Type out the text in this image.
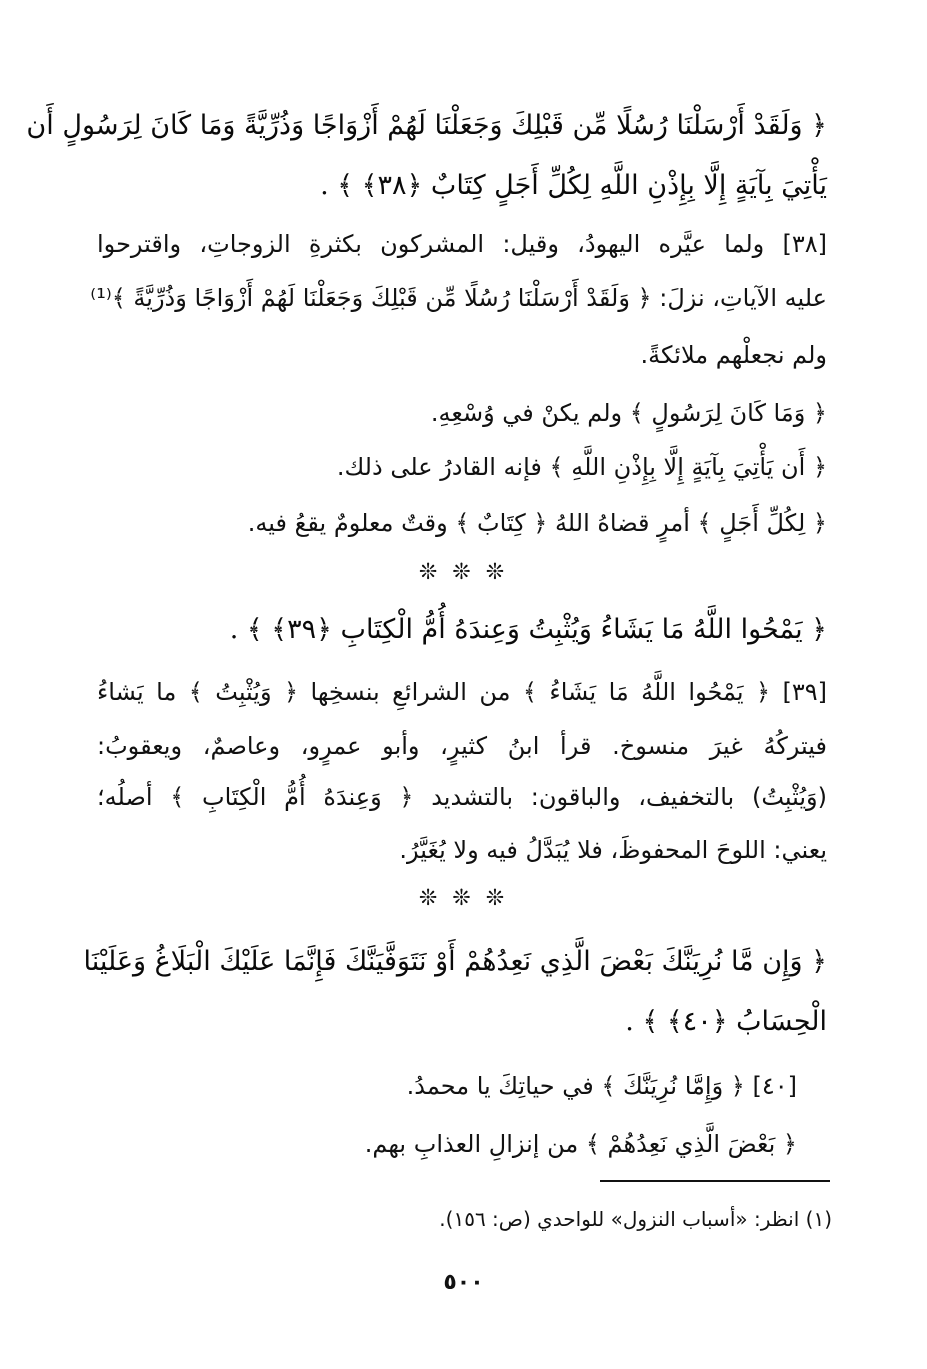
﴿ وَلَقَدْ أَرْسَلْنَا رُسُلًا مِّن قَبْلِكَ وَجَعَلْنَا لَهُمْ أَزْوَاجًا وَذُرِّيَّةً وَمَا كَانَ لِرَسُولٍ أَن
يَأْتِيَ بِآيَةٍ إِلَّا بِإِذْنِ اللَّهِ لِكُلِّ أَجَلٍ كِتَابٌ ﴿٣٨﴾ ﴾ .
[٣٨] ولما عيَّره اليهودُ، وقيل: المشركون بكثرةِ الزوجاتِ، واقترحوا
عليه الآياتِ، نزلَ: ﴿ وَلَقَدْ أَرْسَلْنَا رُسُلًا مِّن قَبْلِكَ وَجَعَلْنَا لَهُمْ أَزْوَاجًا وَذُرِّيَّةً ﴾⁽¹⁾
ولم نجعلْهم ملائكةً.
﴿ وَمَا كَانَ لِرَسُولٍ ﴾ ولم يكنْ في وُسْعِهِ.
﴿ أَن يَأْتِيَ بِآيَةٍ إِلَّا بِإِذْنِ اللَّهِ ﴾ فإنه القادرُ على ذلك.
﴿ لِكُلِّ أَجَلٍ ﴾ أمرٍ قضاهُ اللهُ ﴿ كِتَابٌ ﴾ وقتٌ معلومٌ يقعُ فيه.
❊ ❊ ❊
﴿ يَمْحُوا اللَّهُ مَا يَشَاءُ وَيُثْبِتُ وَعِندَهُ أُمُّ الْكِتَابِ ﴿٣٩﴾ ﴾ .
[٣٩] ﴿ يَمْحُوا اللَّهُ مَا يَشَاءُ ﴾ من الشرائعِ بنسخِها ﴿ وَيُثْبِتُ ﴾ ما يَشاءُ
فيتركُهُ غيرَ منسوخ. قرأ ابنُ كثيرٍ، وأبو عمرٍو، وعاصمٌ، ويعقوبُ:
(وَيُثْبِتُ) بالتخفيف، والباقون: بالتشديد ﴿ وَعِندَهُ أُمُّ الْكِتَابِ ﴾ أصلُه؛
يعني: اللوحَ المحفوظَ، فلا يُبَدَّلُ فيه ولا يُغَيَّرُ.
❊ ❊ ❊
﴿ وَإِن مَّا نُرِيَنَّكَ بَعْضَ الَّذِي نَعِدُهُمْ أَوْ نَتَوَفَّيَنَّكَ فَإِنَّمَا عَلَيْكَ الْبَلَاغُ وَعَلَيْنَا
الْحِسَابُ ﴿٤٠﴾ ﴾ .
[٤٠] ﴿ وَإِمَّا نُرِيَنَّكَ ﴾ في حياتِكَ يا محمدُ.
﴿ بَعْضَ الَّذِي نَعِدُهُمْ ﴾ من إنزالِ العذابِ بهم.
(١) انظر: «أسباب النزول» للواحدي (ص: ١٥٦).
٥٠٠
